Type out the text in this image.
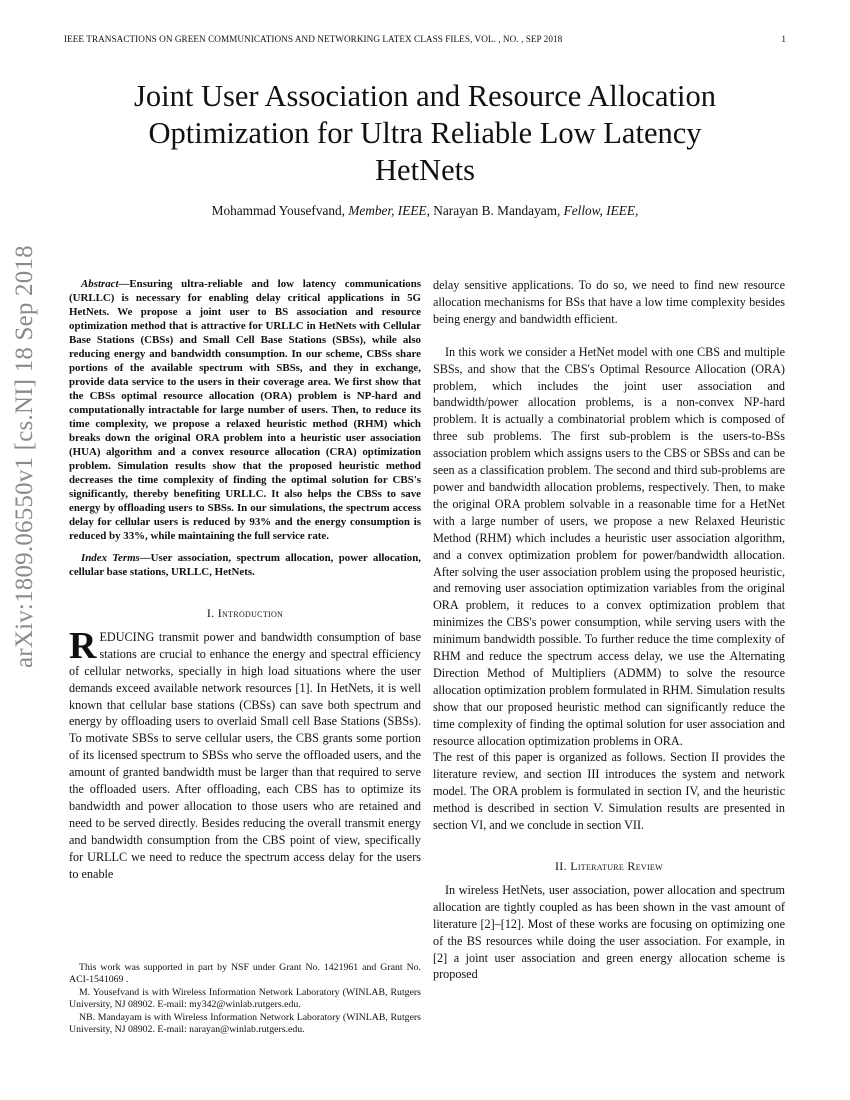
IEEE TRANSACTIONS ON GREEN COMMUNICATIONS AND NETWORKING LATEX CLASS FILES, VOL. , NO. , SEP 2018	1
Joint User Association and Resource Allocation
Optimization for Ultra Reliable Low Latency
HetNets
Mohammad Yousefvand, Member, IEEE, Narayan B. Mandayam, Fellow, IEEE,
arXiv:1809.06550v1 [cs.NI] 18 Sep 2018	Abstract—Ensuring ultra-reliable and low latency communications (URLLC) is necessary for enabling delay critical applications in 5G HetNets. We propose a joint user to BS association and resource optimization method that is attractive for URLLC in HetNets with Cellular Base Stations (CBSs) and Small Cell Base Stations (SBSs), while also reducing energy and bandwidth consumption. In our scheme, CBSs share portions of the available spectrum with SBSs, and they in exchange, provide data service to the users in their coverage area. We first show that the CBSs optimal resource allocation (ORA) problem is NP-hard and computationally intractable for large number of users. Then, to reduce its time complexity, we propose a relaxed heuristic method (RHM) which breaks down the original ORA problem into a heuristic user association (HUA) algorithm and a convex resource allocation (CRA) optimization problem. Simulation results show that the proposed heuristic method decreases the time complexity of finding the optimal solution for CBS's significantly, thereby benefiting URLLC. It also helps the CBSs to save energy by offloading users to SBSs. In our simulations, the spectrum access delay for cellular users is reduced by 93% and the energy consumption is reduced by 33%, while maintaining the full service rate.

Index Terms—User association, spectrum allocation, power allocation, cellular base stations, URLLC, HetNets.

I. Introduction

REDUCING transmit power and bandwidth consumption of base stations are crucial to enhance the energy and spectral efficiency of cellular networks, specially in high load situations where the user demands exceed available network resources [1]. In HetNets, it is well known that cellular base stations (CBSs) can save both spectrum and energy by offloading users to overlaid Small cell Base Stations (SBSs). To motivate SBSs to serve cellular users, the CBS grants some portion of its licensed spectrum to SBSs who serve the offloaded users, and the amount of granted bandwidth must be larger than that required to serve the offloaded users. After offloading, each CBS has to optimize its bandwidth and power allocation to those users who are retained and need to be served directly. Besides reducing the overall transmit energy and bandwidth consumption from the CBS point of view, specifically for URLLC we need to reduce the spectrum access delay for the users to enable

delay sensitive applications. To do so, we need to find new resource allocation mechanisms for BSs that have a low time complexity besides being energy and bandwidth efficient.

In this work we consider a HetNet model with one CBS and multiple SBSs, and show that the CBS's Optimal Resource Allocation (ORA) problem, which includes the joint user association and bandwidth/power allocation problems, is a non-convex NP-hard problem. It is actually a combinatorial problem which is composed of three sub problems. The first sub-problem is the users-to-BSs association problem which assigns users to the CBS or SBSs and can be seen as a classification problem. The second and third sub-problems are power and bandwidth allocation problems, respectively. Then, to make the original ORA problem solvable in a reasonable time for a HetNet with a large number of users, we propose a new Relaxed Heuristic Method (RHM) which includes a heuristic user association algorithm, and a convex optimization problem for power/bandwidth allocation. After solving the user association problem using the proposed heuristic, and removing user association optimization variables from the original ORA problem, it reduces to a convex optimization problem that minimizes the CBS's power consumption, while serving users with the minimum bandwidth possible. To further reduce the time complexity of RHM and reduce the spectrum access delay, we use the Alternating Direction Method of Multipliers (ADMM) to solve the resource allocation optimization problem formulated in RHM. Simulation results show that our proposed heuristic method can significantly reduce the time complexity of finding the optimal solution for user association and resource allocation optimization problems in ORA.

The rest of this paper is organized as follows. Section II provides the literature review, and section III introduces the system and network model. The ORA problem is formulated in section IV, and the heuristic method is described in section V. Simulation results are presented in section VI, and we conclude in section VII.

II. Literature Review

In wireless HetNets, user association, power allocation and spectrum allocation are tightly coupled as has been shown in the vast amount of literature [2]–[12]. Most of these works are focusing on optimizing one of the BS resources while doing the user association. For example, in [2] a joint user association and green energy allocation scheme is proposed

This work was supported in part by NSF under Grant No. 1421961 and Grant No. ACI-1541069 .

M. Yousefvand is with Wireless Information Network Laboratory (WINLAB, Rutgers University, NJ 08902. E-mail: my342@winlab.rutgers.edu.

NB. Mandayam is with Wireless Information Network Laboratory (WINLAB, Rutgers University, NJ 08902. E-mail: narayan@winlab.rutgers.edu.
